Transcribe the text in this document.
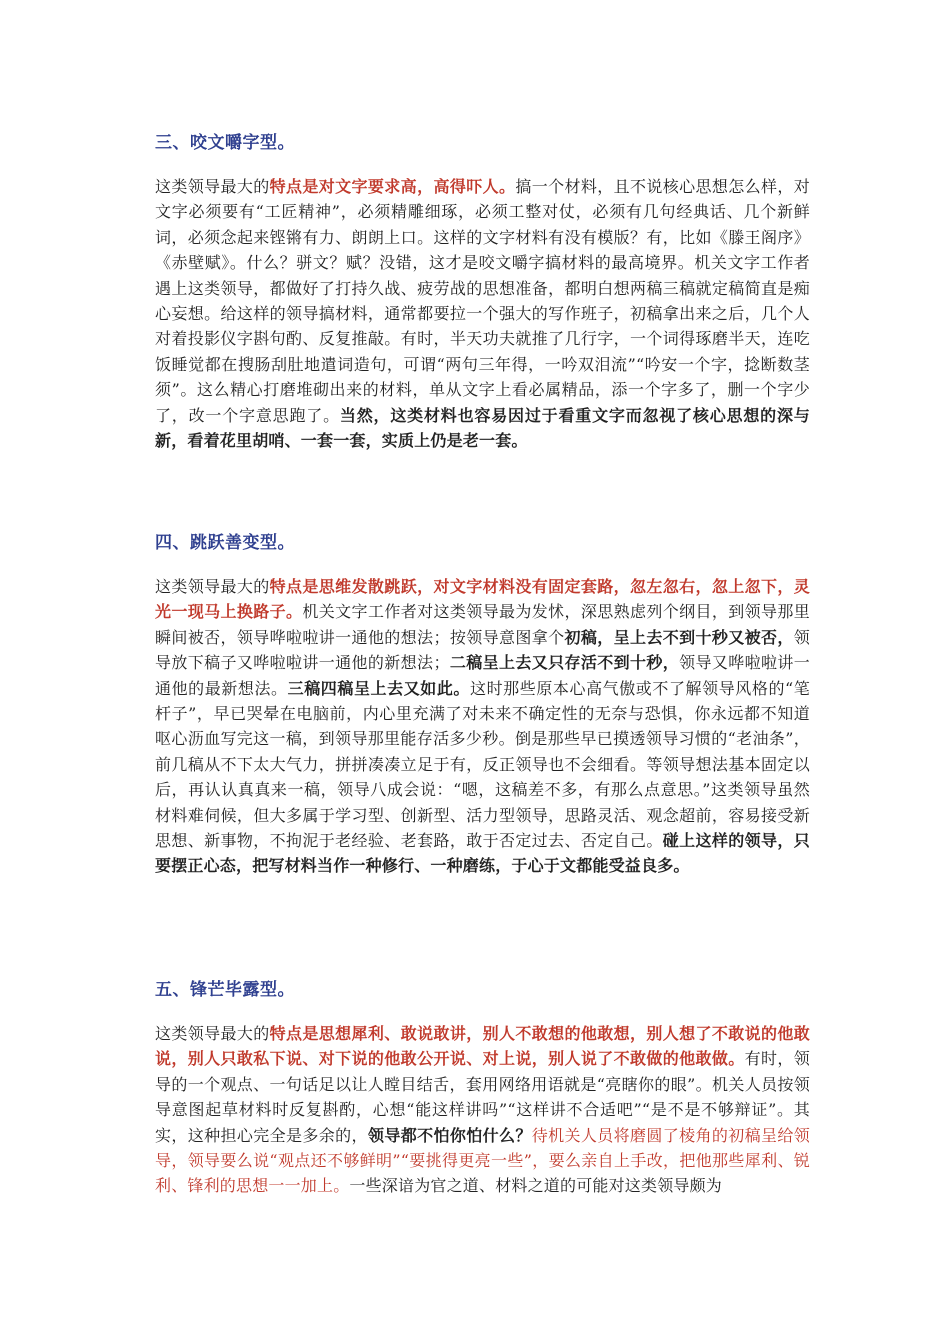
三、咬文嚼字型。
这类领导最大的特点是对文字要求高，高得吓人。搞一个材料，且不说核心思想怎么样，对文字必须要有“工匠精神”，必须精雕细琢，必须工整对仗，必须有几句经典话、几个新鲜词，必须念起来铿锵有力、朗朗上口。这样的文字材料有没有模版？有，比如《滕王阁序》《赤壁赋》。什么？骈文？赋？没错，这才是咬文嚼字搞材料的最高境界。机关文字工作者遇上这类领导，都做好了打持久战、疲劳战的思想准备，都明白想两稿三稿就定稿简直是痴心妄想。给这样的领导搞材料，通常都要拉一个强大的写作班子，初稿拿出来之后，几个人对着投影仪字斟句酌、反复推敲。有时，半天功夫就推了几行字，一个词得琢磨半天，连吃饭睡觉都在搜肠刮肚地遣词造句，可谓“两句三年得，一吟双泪流”“吟安一个字，捻断数茎须”。这么精心打磨堆砌出来的材料，单从文字上看必属精品，添一个字多了，删一个字少了，改一个字意思跑了。当然，这类材料也容易因过于看重文字而忽视了核心思想的深与新，看着花里胡哨、一套一套，实质上仍是老一套。
四、跳跃善变型。
这类领导最大的特点是思维发散跳跃，对文字材料没有固定套路，忽左忽右，忽上忽下，灵光一现马上换路子。机关文字工作者对这类领导最为发怵，深思熟虑列个纲目，到领导那里瞬间被否，领导哗啦啦讲一通他的想法；按领导意图拿个初稿，呈上去不到十秒又被否，领导放下稿子又哗啦啦讲一通他的新想法；二稿呈上去又只存活不到十秒，领导又哗啦啦讲一通他的最新想法。三稿四稿呈上去又如此。这时那些原本心高气傲或不了解领导风格的“笔杆子”，早已哭晕在电脑前，内心里充满了对未来不确定性的无奈与恐惧，你永远都不知道呕心沥血写完这一稿，到领导那里能存活多少秒。倒是那些早已摸透领导习惯的“老油条”，前几稿从不下太大气力，拼拼凑凑立足于有，反正领导也不会细看。等领导想法基本固定以后，再认认真真来一稿，领导八成会说：“嗯，这稿差不多，有那么点意思。”这类领导虽然材料难伺候，但大多属于学习型、创新型、活力型领导，思路灵活、观念超前，容易接受新思想、新事物，不拘泥于老经验、老套路，敢于否定过去、否定自己。碰上这样的领导，只要摆正心态，把写材料当作一种修行、一种磨练，于心于文都能受益良多。
五、锋芒毕露型。
这类领导最大的特点是思想犀利、敢说敢讲，别人不敢想的他敢想，别人想了不敢说的他敢说，别人只敢私下说、对下说的他敢公开说、对上说，别人说了不敢做的他敢做。有时，领导的一个观点、一句话足以让人瞠目结舌，套用网络用语就是“亮瞎你的眼”。机关人员按领导意图起草材料时反复斟酌，心想“能这样讲吗”“这样讲不合适吧”“是不是不够辩证”。其实，这种担心完全是多余的，领导都不怕你怕什么？待机关人员将磨圆了棱角的初稿呈给领导，领导要么说“观点还不够鲜明”“要挑得更亮一些”，要么亲自上手改，把他那些犀利、锐利、锋利的思想一一加上。一些深谙为官之道、材料之道的可能对这类领导颇为
